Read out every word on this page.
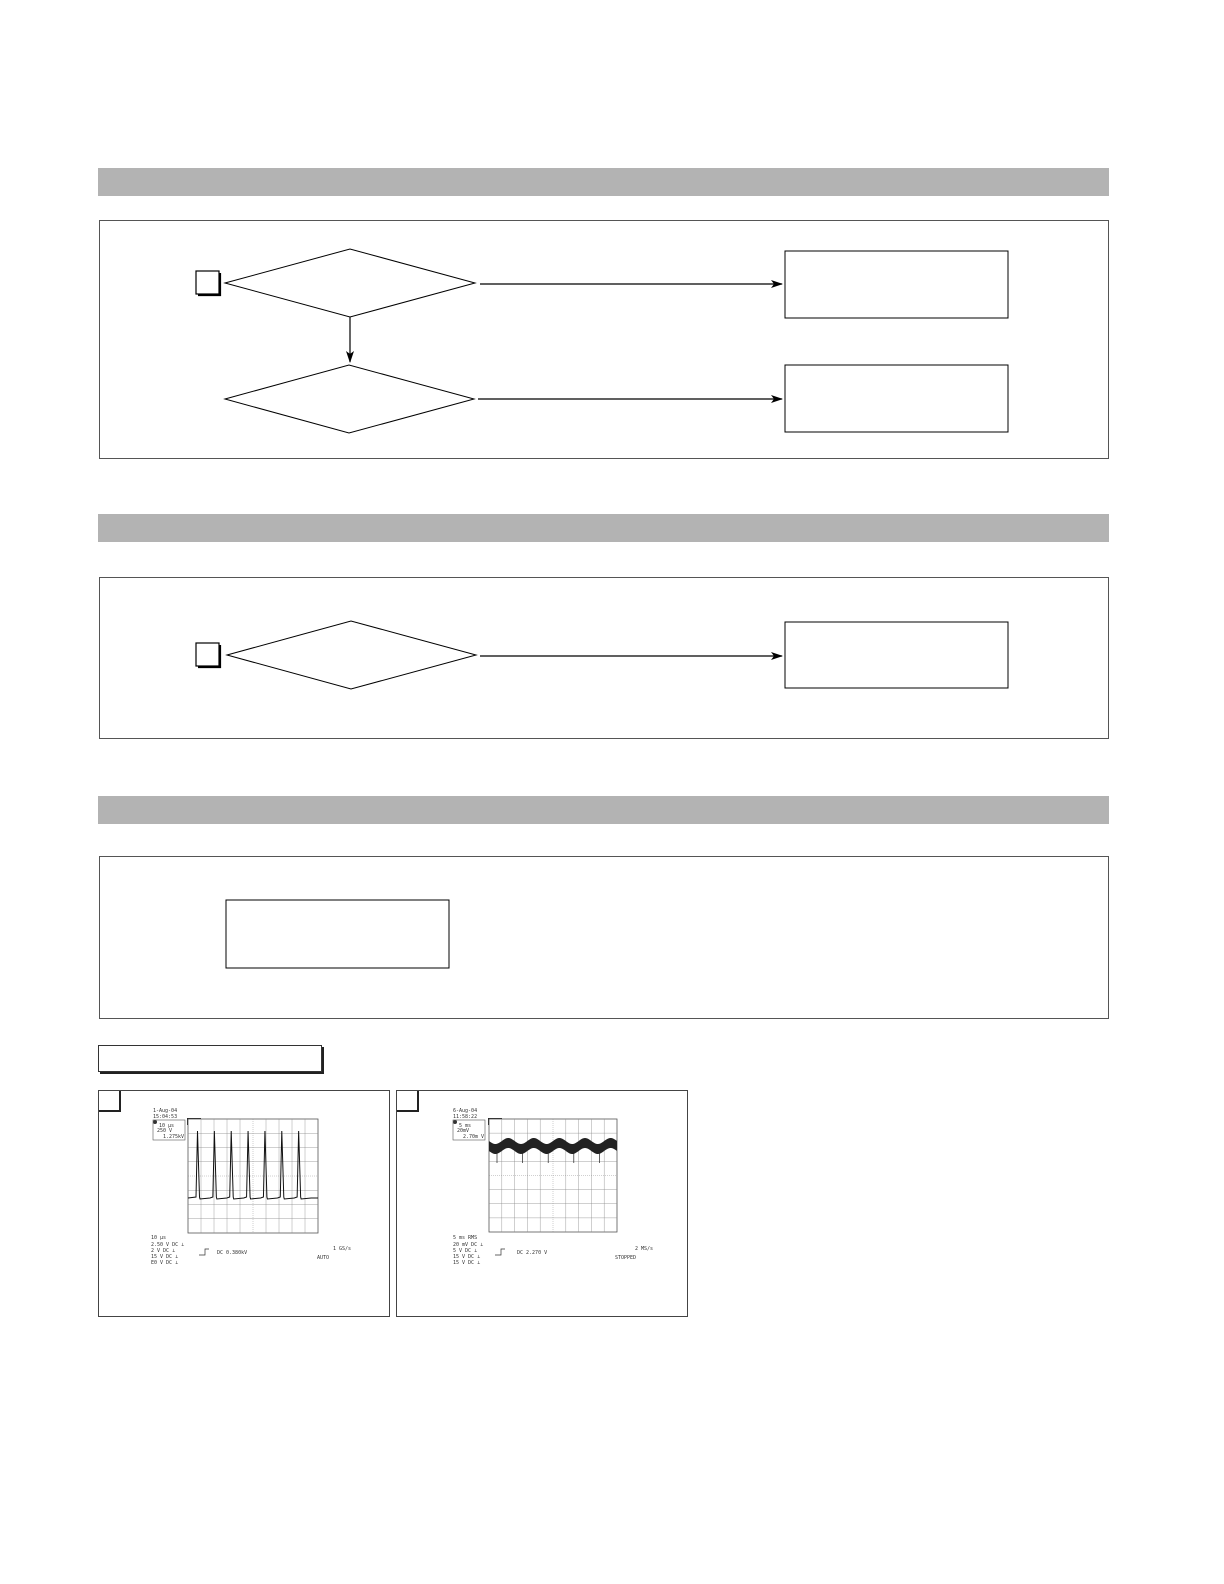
1-Aug-04
15:04:53
10 µs
250 V
1.275kV
10 µs
2.50 V DC ⊥
2 V DC ⊥
15 V DC ⊥
E0 V DC ⊥
DC 0.380kV
1 GS/s
AUTO
6-Aug-04
11:58:22
5 ms
20mV
2.70m V
5 ms RMS
20 mV DC ⊥
5 V DC ⊥
15 V DC ⊥
15 V DC ⊥
DC 2.270 V
2 MS/s
STOPPED
